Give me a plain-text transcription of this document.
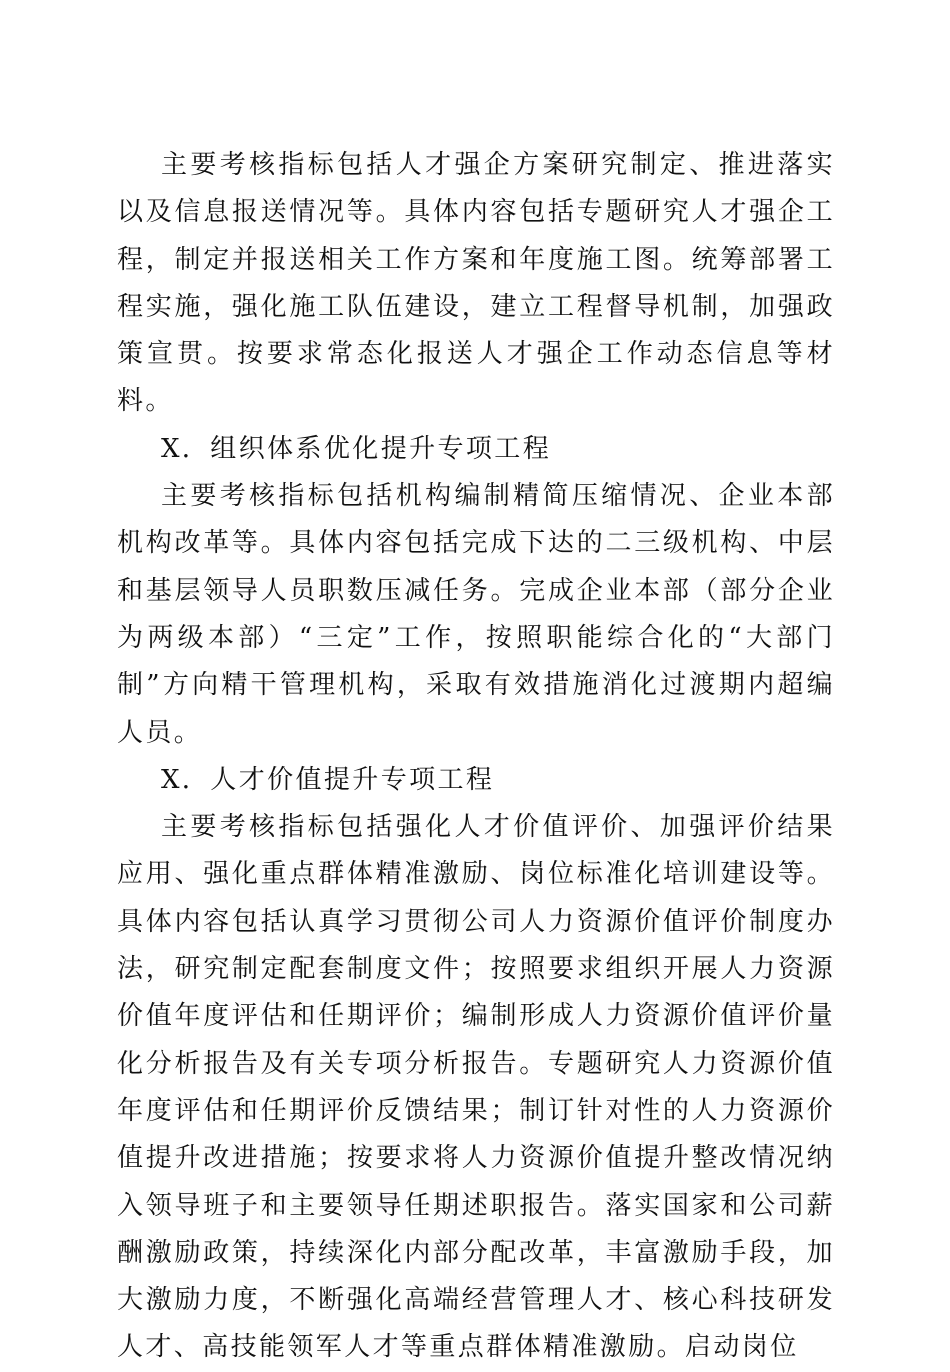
主要考核指标包括人才强企方案研究制定、推进落实以及信息报送情况等。具体内容包括专题研究人才强企工程，制定并报送相关工作方案和年度施工图。统筹部署工程实施，强化施工队伍建设，建立工程督导机制，加强政策宣贯。按要求常态化报送人才强企工作动态信息等材料。

X．组织体系优化提升专项工程

主要考核指标包括机构编制精简压缩情况、企业本部机构改革等。具体内容包括完成下达的二三级机构、中层和基层领导人员职数压减任务。完成企业本部（部分企业为两级本部）“三定”工作，按照职能综合化的“大部门制”方向精干管理机构，采取有效措施消化过渡期内超编人员。

X．人才价值提升专项工程

主要考核指标包括强化人才价值评价、加强评价结果应用、强化重点群体精准激励、岗位标准化培训建设等。具体内容包括认真学习贯彻公司人力资源价值评价制度办法，研究制定配套制度文件；按照要求组织开展人力资源价值年度评估和任期评价；编制形成人力资源价值评价量化分析报告及有关专项分析报告。专题研究人力资源价值年度评估和任期评价反馈结果；制订针对性的人力资源价值提升改进措施；按要求将人力资源价值提升整改情况纳入领导班子和主要领导任期述职报告。落实国家和公司薪酬激励政策，持续深化内部分配改革，丰富激励手段，加大激励力度，不断强化高端经营管理人才、核心科技研发人才、高技能领军人才等重点群体精准激励。启动岗位
